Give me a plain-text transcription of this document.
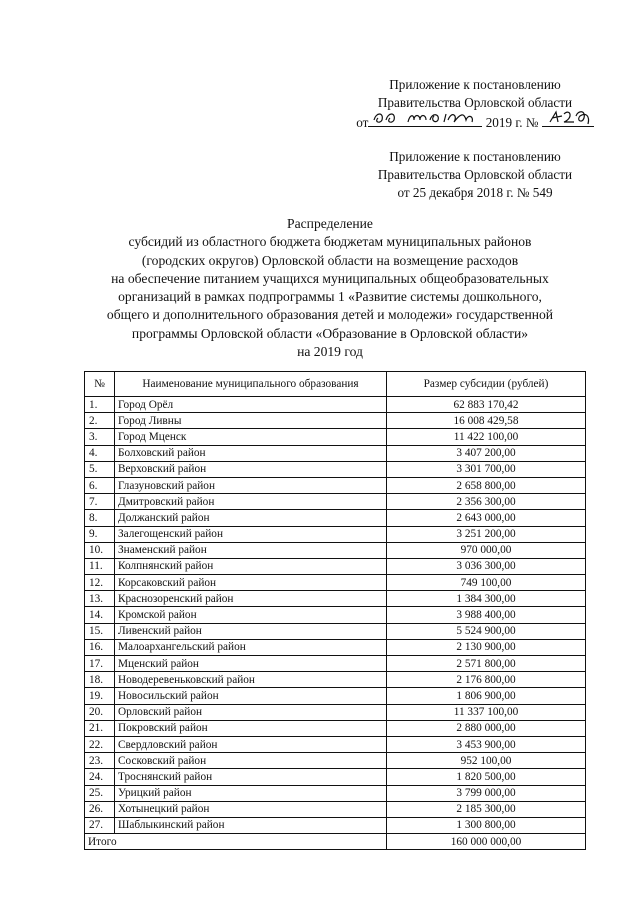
Приложение к постановлению
Правительства Орловской области
от	2019 г. №
Приложение к постановлению
Правительства Орловской области
от 25 декабря 2018 г. № 549
Распределение
субсидий из областного бюджета бюджетам муниципальных районов
(городских округов) Орловской области на возмещение расходов
на обеспечение питанием учащихся муниципальных общеобразовательных
организаций в рамках подпрограммы 1 «Развитие системы дошкольного,
общего и дополнительного образования детей и молодежи» государственной
программы Орловской области «Образование в Орловской области»
на 2019 год
№	Наименование муниципального образования	Размер субсидии (рублей)
1.	Город Орёл	62 883 170,42
2.	Город Ливны	16 008 429,58
3.	Город Мценск	11 422 100,00
4.	Болховский район	3 407 200,00
5.	Верховский район	3 301 700,00
6.	Глазуновский район	2 658 800,00
7.	Дмитровский район	2 356 300,00
8.	Должанский район	2 643 000,00
9.	Залегощенский район	3 251 200,00
10.	Знаменский район	970 000,00
11.	Колпнянский район	3 036 300,00
12.	Корсаковский район	749 100,00
13.	Краснозоренский район	1 384 300,00
14.	Кромской район	3 988 400,00
15.	Ливенский район	5 524 900,00
16.	Малоархангельский район	2 130 900,00
17.	Мценский район	2 571 800,00
18.	Новодеревеньковский район	2 176 800,00
19.	Новосильский район	1 806 900,00
20.	Орловский район	11 337 100,00
21.	Покровский район	2 880 000,00
22.	Свердловский район	3 453 900,00
23.	Сосковский район	952 100,00
24.	Троснянский район	1 820 500,00
25.	Урицкий район	3 799 000,00
26.	Хотынецкий район	2 185 300,00
27.	Шаблыкинский район	1 300 800,00
Итого		160 000 000,00
